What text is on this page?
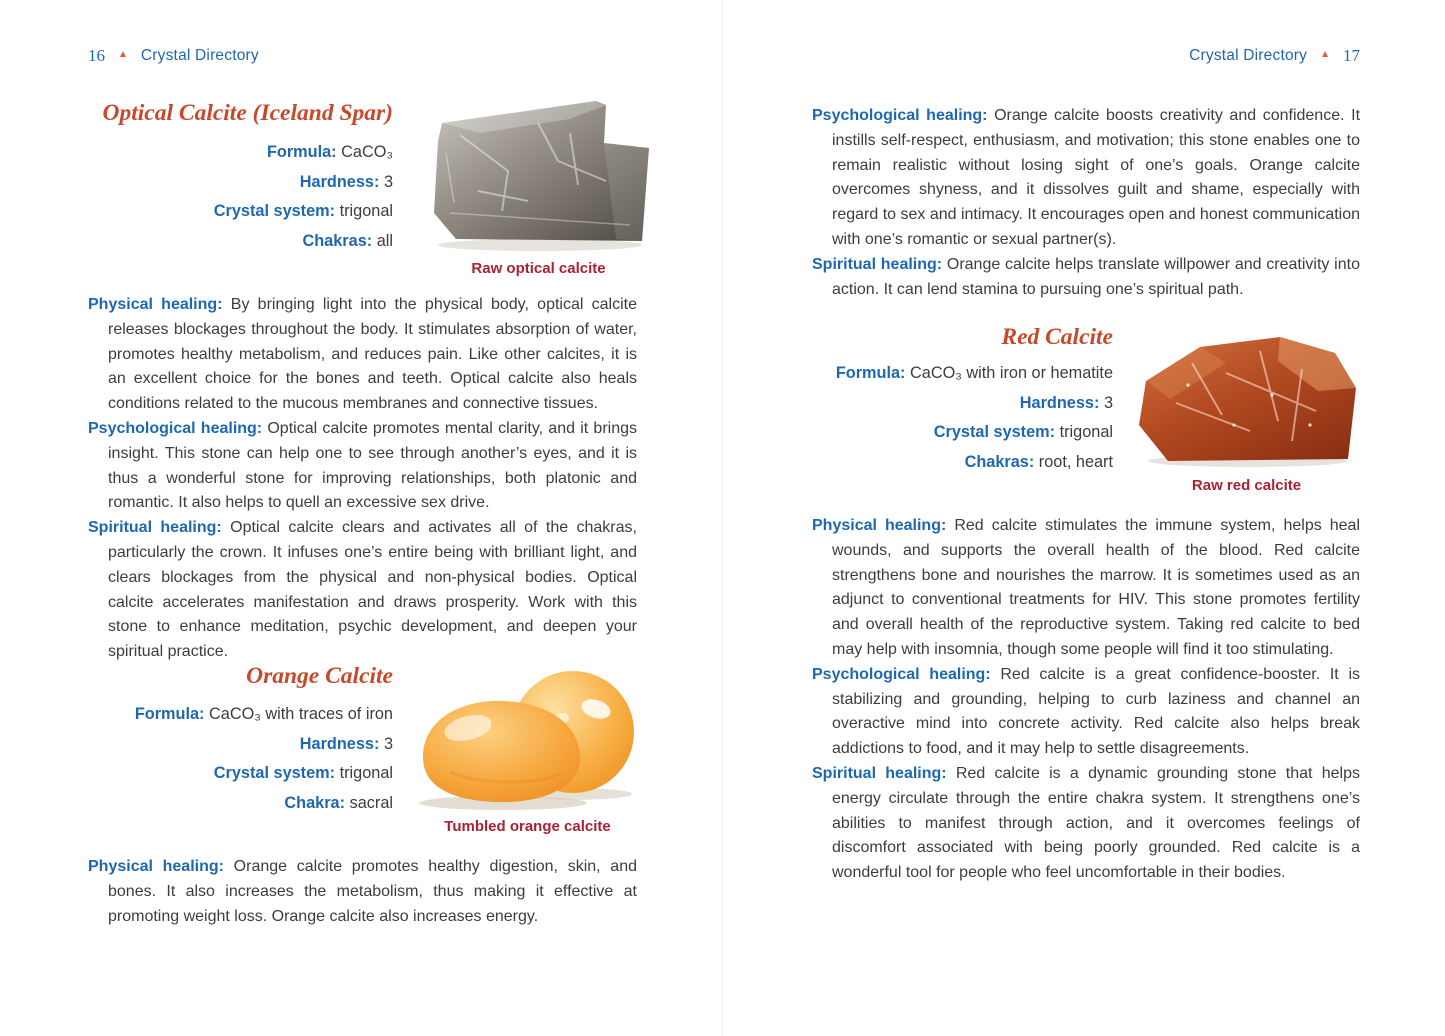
16 ▲ Crystal Directory
Optical Calcite (Iceland Spar)
Formula: CaCO₃
Hardness: 3
Crystal system: trigonal
Chakras: all
Raw optical calcite

Physical healing: By bringing light into the physical body, optical calcite releases blockages throughout the body. It stimulates absorption of water, promotes healthy metabolism, and reduces pain. Like other calcites, it is an excellent choice for the bones and teeth. Optical calcite also heals conditions related to the mucous membranes and connective tissues.

Psychological healing: Optical calcite promotes mental clarity, and it brings insight. This stone can help one to see through another’s eyes, and it is thus a wonderful stone for improving relationships, both platonic and romantic. It also helps to quell an excessive sex drive.

Spiritual healing: Optical calcite clears and activates all of the chakras, particularly the crown. It infuses one’s entire being with brilliant light, and clears blockages from the physical and non-physical bodies. Optical calcite accelerates manifestation and draws prosperity. Work with this stone to enhance meditation, psychic development, and deepen your spiritual practice.

Orange Calcite
Formula: CaCO₃ with traces of iron
Hardness: 3
Crystal system: trigonal
Chakra: sacral
Tumbled orange calcite

Physical healing: Orange calcite promotes healthy digestion, skin, and bones. It also increases the metabolism, thus making it effective at promoting weight loss. Orange calcite also increases energy.

Crystal Directory ▲ 17

Psychological healing: Orange calcite boosts creativity and confidence. It instills self-respect, enthusiasm, and motivation; this stone enables one to remain realistic without losing sight of one’s goals. Orange calcite overcomes shyness, and it dissolves guilt and shame, especially with regard to sex and intimacy. It encourages open and honest communication with one’s romantic or sexual partner(s).

Spiritual healing: Orange calcite helps translate willpower and creativity into action. It can lend stamina to pursuing one’s spiritual path.

Red Calcite
Formula: CaCO₃ with iron or hematite
Hardness: 3
Crystal system: trigonal
Chakras: root, heart
Raw red calcite

Physical healing: Red calcite stimulates the immune system, helps heal wounds, and supports the overall health of the blood. Red calcite strengthens bone and nourishes the marrow. It is sometimes used as an adjunct to conventional treatments for HIV. This stone promotes fertility and overall health of the reproductive system. Taking red calcite to bed may help with insomnia, though some people will find it too stimulating.

Psychological healing: Red calcite is a great confidence-booster. It is stabilizing and grounding, helping to curb laziness and channel an overactive mind into concrete activity. Red calcite also helps break addictions to food, and it may help to settle disagreements.

Spiritual healing: Red calcite is a dynamic grounding stone that helps energy circulate through the entire chakra system. It strengthens one’s abilities to manifest through action, and it overcomes feelings of discomfort associated with being poorly grounded. Red calcite is a wonderful tool for people who feel uncomfortable in their bodies.
